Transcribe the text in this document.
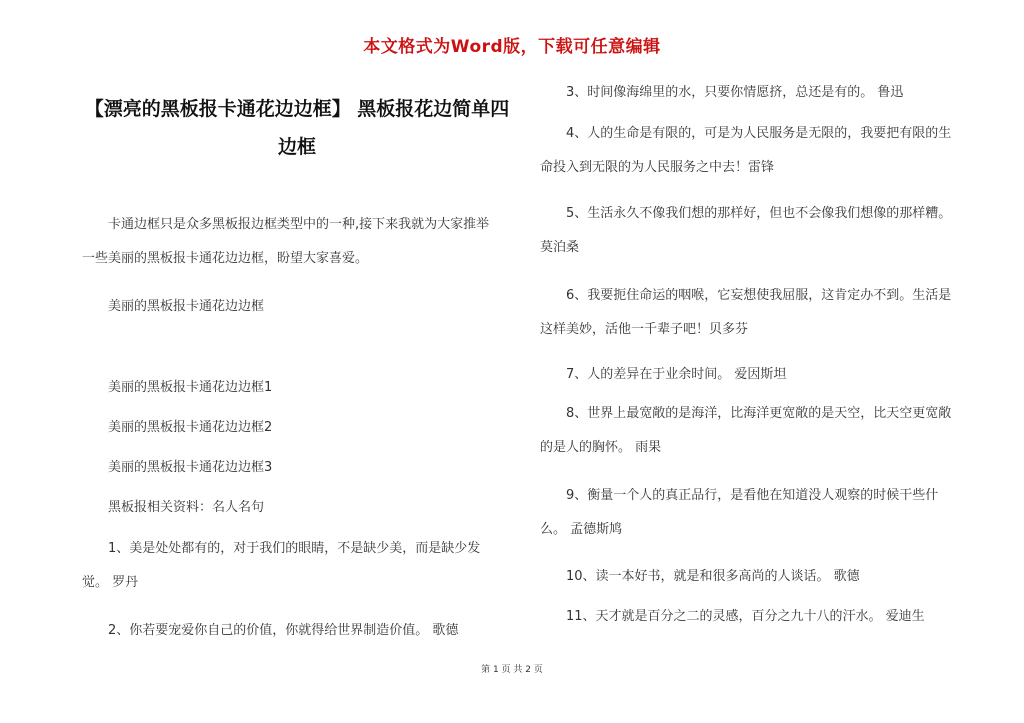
本文格式为Word版，下载可任意编辑
【漂亮的黑板报卡通花边边框】 黑板报花边简单四边框

　　卡通边框只是众多黑板报边框类型中的一种,接下来我就为大家推举一些美丽的黑板报卡通花边边框，盼望大家喜爱。

　　美丽的黑板报卡通花边边框

　　美丽的黑板报卡通花边边框1

　　美丽的黑板报卡通花边边框2

　　美丽的黑板报卡通花边边框3

　　黑板报相关资料：名人名句

　　1、美是处处都有的，对于我们的眼睛，不是缺少美，而是缺少发觉。 罗丹

　　2、你若要宠爱你自己的价值，你就得给世界制造价值。 歌德

　　3、时间像海绵里的水，只要你情愿挤，总还是有的。 鲁迅

　　4、人的生命是有限的，可是为人民服务是无限的，我要把有限的生命投入到无限的为人民服务之中去！雷锋

　　5、生活永久不像我们想的那样好，但也不会像我们想像的那样糟。 莫泊桑

　　6、我要扼住命运的咽喉，它妄想使我屈服，这肯定办不到。生活是这样美妙，活他一千辈子吧！贝多芬

　　7、人的差异在于业余时间。 爱因斯坦

　　8、世界上最宽敞的是海洋，比海洋更宽敞的是天空，比天空更宽敞的是人的胸怀。 雨果

　　9、衡量一个人的真正品行，是看他在知道没人观察的时候干些什么。 孟德斯鸠

　　10、读一本好书，就是和很多高尚的人谈话。 歌德

　　11、天才就是百分之二的灵感，百分之九十八的汗水。 爱迪生

第 1 页 共 2 页
